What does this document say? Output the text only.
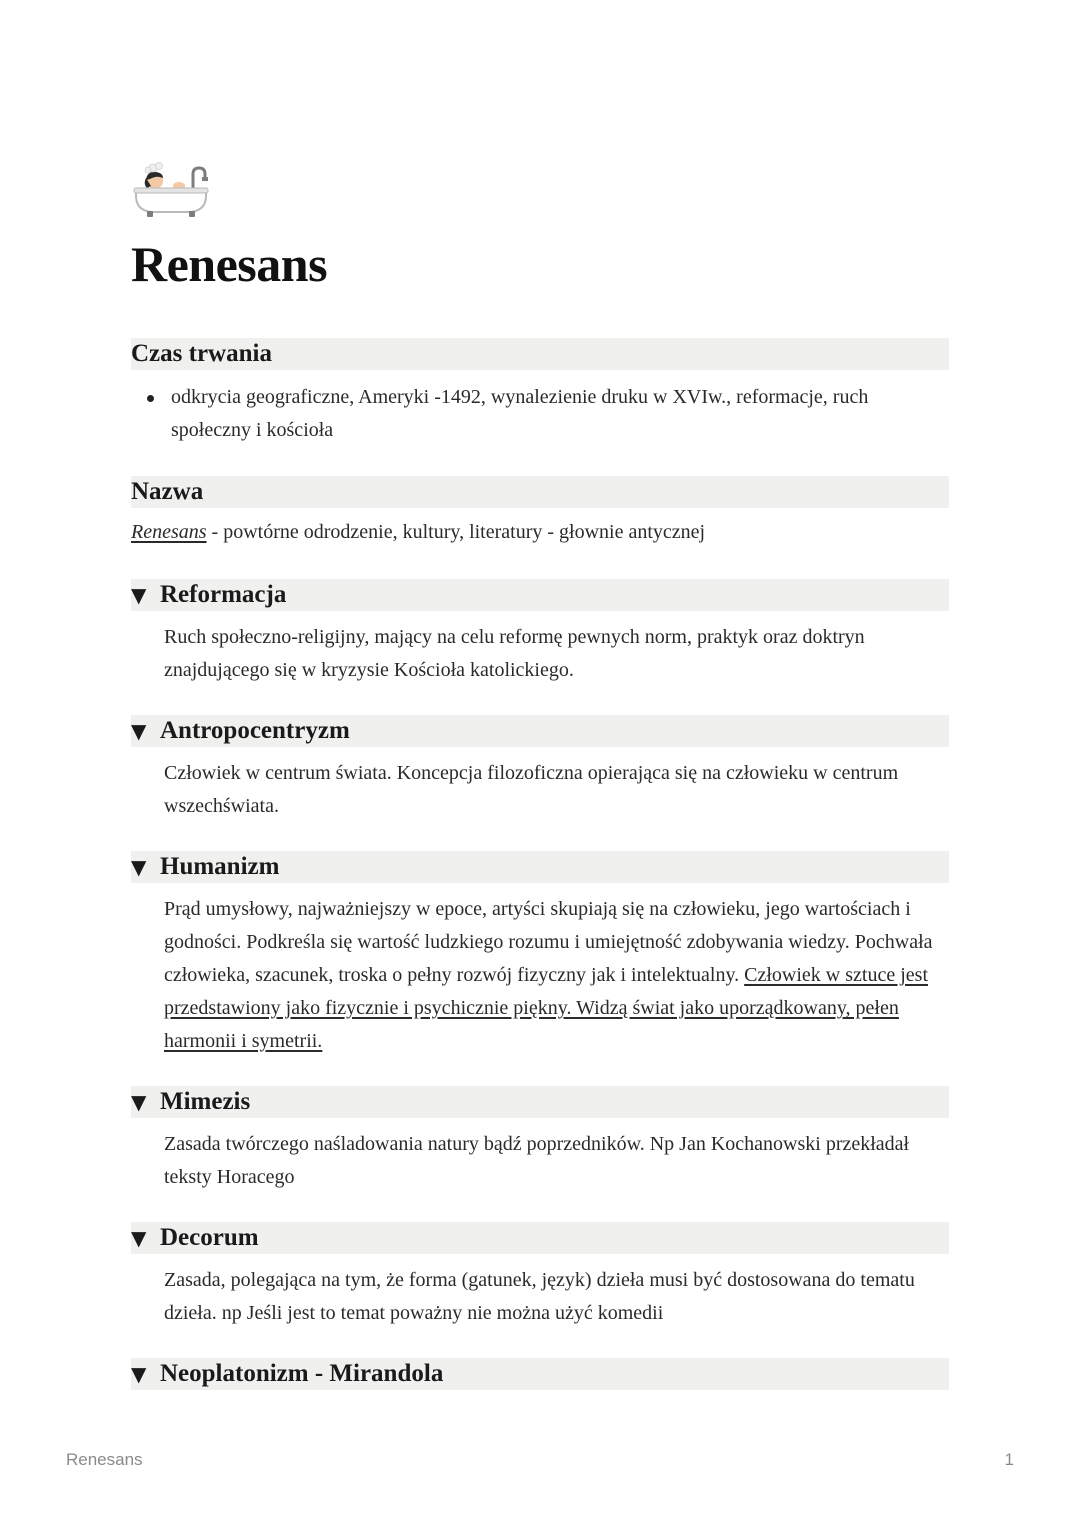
Renesans
Czas trwania
odkrycia geograficzne, Ameryki -1492, wynalezienie druku w XVIw., reformacje, ruch społeczny i kościoła
Nazwa
Renesans - powtórne odrodzenie, kultury, literatury - głownie antycznej
▼ Reformacja
Ruch społeczno-religijny, mający na celu reformę pewnych norm, praktyk oraz doktryn znajdującego się w kryzysie Kościoła katolickiego.
▼ Antropocentryzm
Człowiek w centrum świata. Koncepcja filozoficzna opierająca się na człowieku w centrum wszechświata.
▼ Humanizm
Prąd umysłowy, najważniejszy w epoce, artyści skupiają się na człowieku, jego wartościach i godności. Podkreśla się wartość ludzkiego rozumu i umiejętność zdobywania wiedzy. Pochwała człowieka, szacunek, troska o pełny rozwój fizyczny jak i intelektualny. Człowiek w sztuce jest przedstawiony jako fizycznie i psychicznie piękny. Widzą świat jako uporządkowany, pełen harmonii i symetrii.
▼ Mimezis
Zasada twórczego naśladowania natury bądź poprzedników. Np Jan Kochanowski przekładał teksty Horacego
▼ Decorum
Zasada, polegająca na tym, że forma (gatunek, język) dzieła musi być dostosowana do tematu dzieła. np Jeśli jest to temat poważny nie można użyć komedii
▼ Neoplatonizm - Mirandola
Renesans	1
